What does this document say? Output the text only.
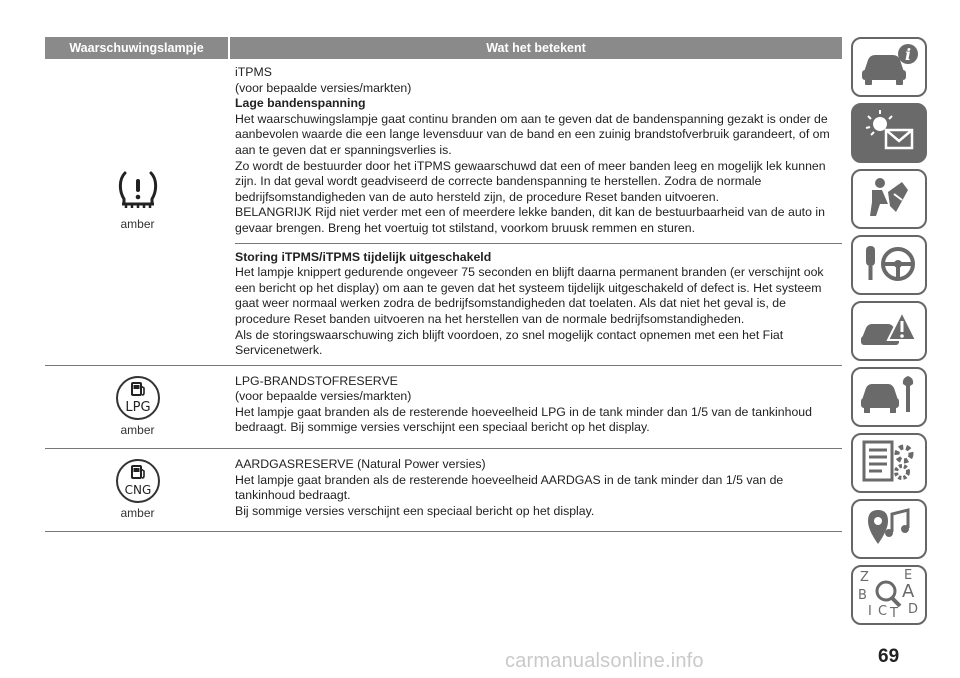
Waarschuwingslampje	Wat het betekent
amber
iTPMS
(voor bepaalde versies/markten)
Lage bandenspanning
Het waarschuwingslampje gaat continu branden om aan te geven dat de bandenspanning gezakt is onder de aanbevolen waarde die een lange levensduur van de band en een zuinig brandstofverbruik garandeert, of om aan te geven dat er spanningsverlies is.
Zo wordt de bestuurder door het iTPMS gewaarschuwd dat een of meer banden leeg en mogelijk lek kunnen zijn. In dat geval wordt geadviseerd de correcte bandenspanning te herstellen. Zodra de normale bedrijfsomstandigheden van de auto hersteld zijn, de procedure Reset banden uitvoeren.
BELANGRIJK Rijd niet verder met een of meerdere lekke banden, dit kan de bestuurbaarheid van de auto in gevaar brengen. Breng het voertuig tot stilstand, voorkom bruusk remmen en sturen.
Storing iTPMS/iTPMS tijdelijk uitgeschakeld
Het lampje knippert gedurende ongeveer 75 seconden en blijft daarna permanent branden (er verschijnt ook een bericht op het display) om aan te geven dat het systeem tijdelijk uitgeschakeld of defect is. Het systeem gaat weer normaal werken zodra de bedrijfsomstandigheden dat toelaten. Als dat niet het geval is, de procedure Reset banden uitvoeren na het herstellen van de normale bedrijfsomstandigheden.
Als de storingswaarschuwing zich blijft voordoen, zo snel mogelijk contact opnemen met een het Fiat Servicenetwerk.
LPG
amber
LPG-BRANDSTOFRESERVE
(voor bepaalde versies/markten)
Het lampje gaat branden als de resterende hoeveelheid LPG in de tank minder dan 1/5 van de tankinhoud bedraagt. Bij sommige versies verschijnt een speciaal bericht op het display.
CNG
amber
AARDGASRESERVE (Natural Power versies)
Het lampje gaat branden als de resterende hoeveelheid AARDGAS in de tank minder dan 1/5 van de tankinhoud bedraagt.
Bij sommige versies verschijnt een speciaal bericht op het display.
i
Z	E
B A
I C T D
69
carmanualsonline.info
